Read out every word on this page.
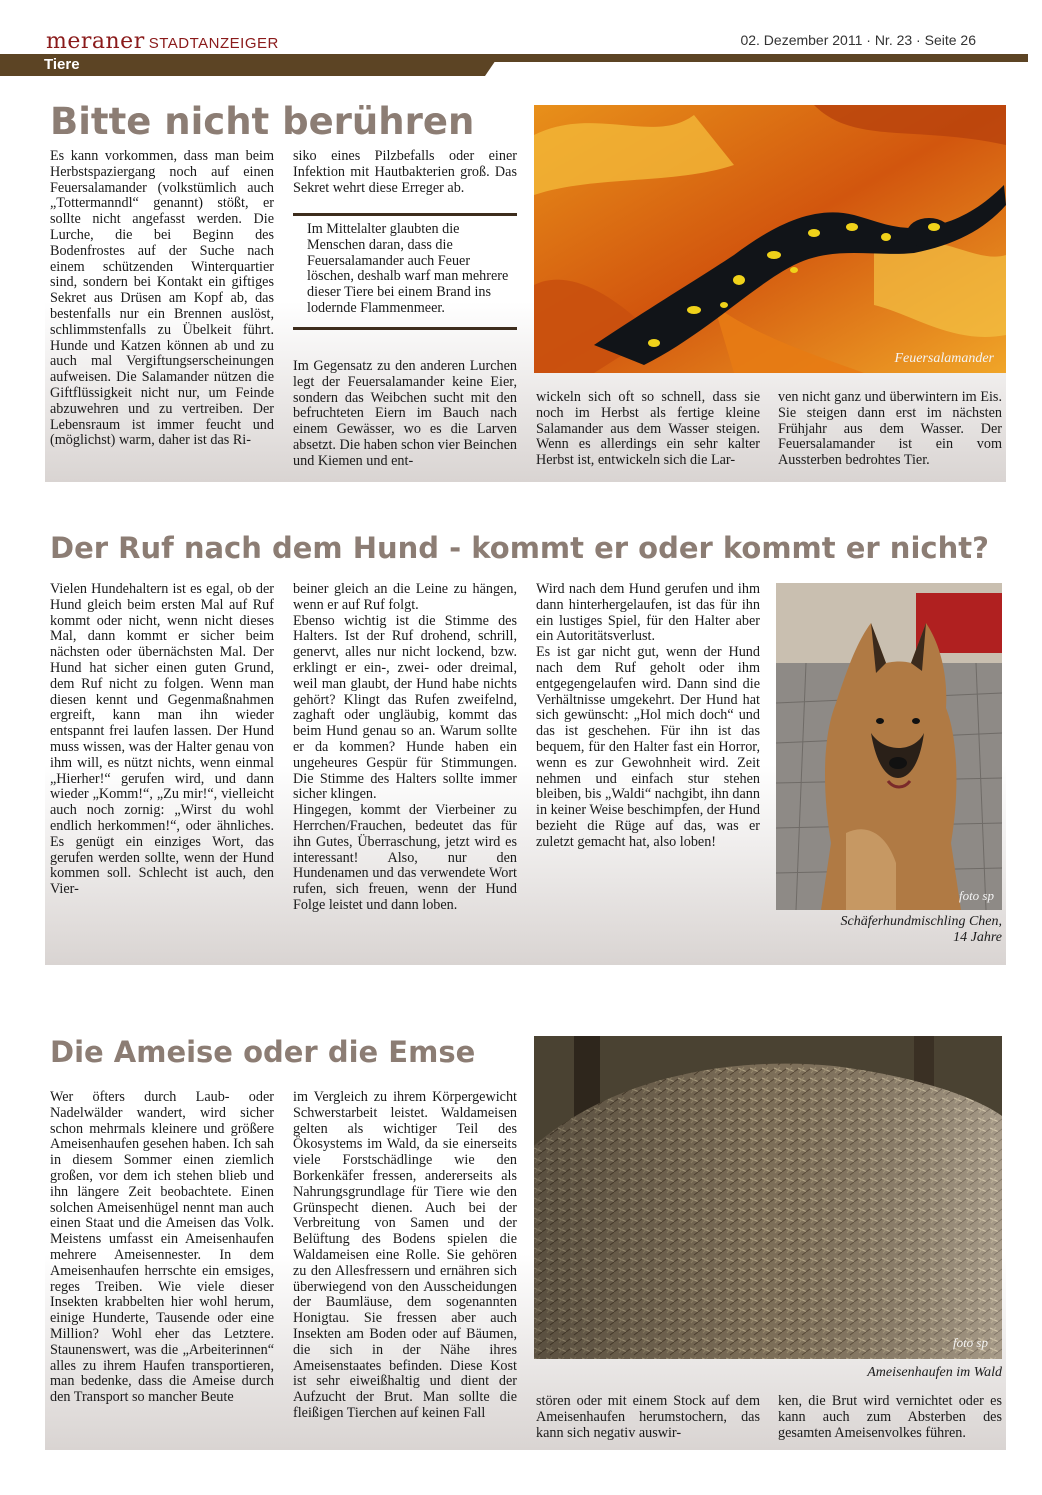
meraner STADTANZEIGER	02. Dezember 2011 · Nr. 23 · Seite 26
Tiere
Bitte nicht berühren
Es kann vorkommen, dass man beim Herbstspaziergang noch auf einen Feuersalamander (volkstümlich auch „Tottermanndl“ genannt) stößt, er sollte nicht angefasst werden. Die Lurche, die bei Beginn des Bodenfrostes auf der Suche nach einem schützenden Winterquartier sind, sondern bei Kontakt ein giftiges Sekret aus Drüsen am Kopf ab, das bestenfalls nur ein Brennen auslöst, schlimmstenfalls zu Übelkeit führt. Hunde und Katzen können ab und zu auch mal Vergiftungserscheinungen aufweisen. Die Salamander nützen die Giftflüssigkeit nicht nur, um Feinde abzuwehren und zu vertreiben. Der Lebensraum ist immer feucht und (möglichst) warm, daher ist das Ri-
siko eines Pilzbefalls oder einer Infektion mit Hautbakterien groß. Das Sekret wehrt diese Erreger ab.
Im Mittelalter glaubten die Menschen daran, dass die Feuersalamander auch Feuer löschen, deshalb warf man mehrere dieser Tiere bei einem Brand ins lodernde Flammenmeer.
Im Gegensatz zu den anderen Lurchen legt der Feuersalamander keine Eier, sondern das Weibchen sucht mit den befruchteten Eiern im Bauch nach einem Gewässer, wo es die Larven absetzt. Die haben schon vier Beinchen und Kiemen und ent-
Feuersalamander
wickeln sich oft so schnell, dass sie noch im Herbst als fertige kleine Salamander aus dem Wasser steigen. Wenn es allerdings ein sehr kalter Herbst ist, entwickeln sich die Lar-
ven nicht ganz und überwintern im Eis. Sie steigen dann erst im nächsten Frühjahr aus dem Wasser. Der Feuersalamander ist ein vom Aussterben bedrohtes Tier.
Der Ruf nach dem Hund - kommt er oder kommt er nicht?
Vielen Hundehaltern ist es egal, ob der Hund gleich beim ersten Mal auf Ruf kommt oder nicht, wenn nicht dieses Mal, dann kommt er sicher beim nächsten oder übernächsten Mal. Der Hund hat sicher einen guten Grund, dem Ruf nicht zu folgen. Wenn man diesen kennt und Gegenmaßnahmen ergreift, kann man ihn wieder entspannt frei laufen lassen. Der Hund muss wissen, was der Halter genau von ihm will, es nützt nichts, wenn einmal „Hierher!“ gerufen wird, und dann wieder „Komm!“, „Zu mir!“, vielleicht auch noch zornig: „Wirst du wohl endlich herkommen!“, oder ähnliches. Es genügt ein einziges Wort, das gerufen werden sollte, wenn der Hund kommen soll. Schlecht ist auch, den Vier-

beiner gleich an die Leine zu hängen, wenn er auf Ruf folgt.

Ebenso wichtig ist die Stimme des Halters. Ist der Ruf drohend, schrill, genervt, alles nur nicht lockend, bzw. erklingt er ein-, zwei- oder dreimal, weil man glaubt, der Hund habe nichts gehört? Klingt das Rufen zweifelnd, zaghaft oder ungläubig, kommt das beim Hund genau so an. Warum sollte er da kommen? Hunde haben ein ungeheures Gespür für Stimmungen. Die Stimme des Halters sollte immer sicher klingen.

Hingegen, kommt der Vierbeiner zu Herrchen/Frauchen, bedeutet das für ihn Gutes, Überraschung, jetzt wird es interessant! Also, nur den Hundenamen und das verwendete Wort rufen, sich freuen, wenn der Hund Folge leistet und dann loben.

Wird nach dem Hund gerufen und ihm dann hinterhergelaufen, ist das für ihn ein lustiges Spiel, für den Halter aber ein Autoritätsverlust.

Es ist gar nicht gut, wenn der Hund nach dem Ruf geholt oder ihm entgegengelaufen wird. Dann sind die Verhältnisse umgekehrt. Der Hund hat sich gewünscht: „Hol mich doch“ und das ist geschehen. Für ihn ist das bequem, für den Halter fast ein Horror, wenn es zur Gewohnheit wird. Zeit nehmen und einfach stur stehen bleiben, bis „Waldi“ nachgibt, ihn dann in keiner Weise beschimpfen, der Hund bezieht die Rüge auf das, was er zuletzt gemacht hat, also loben!

foto sp
Schäferhundmischling Chen,
14 Jahre
Die Ameise oder die Emse
Wer öfters durch Laub- oder Nadelwälder wandert, wird sicher schon mehrmals kleinere und größere Ameisenhaufen gesehen haben. Ich sah in diesem Sommer einen ziemlich großen, vor dem ich stehen blieb und ihn längere Zeit beobachtete. Einen solchen Ameisenhügel nennt man auch einen Staat und die Ameisen das Volk. Meistens umfasst ein Ameisenhaufen mehrere Ameisennester. In dem Ameisenhaufen herrschte ein emsiges, reges Treiben. Wie viele dieser Insekten krabbelten hier wohl herum, einige Hunderte, Tausende oder eine Million? Wohl eher das Letztere. Staunenswert, was die „Arbeiterinnen“ alles zu ihrem Haufen transportieren, man bedenke, dass die Ameise durch den Transport so mancher Beute
im Vergleich zu ihrem Körpergewicht Schwerstarbeit leistet. Waldameisen gelten als wichtiger Teil des Ökosystems im Wald, da sie einerseits viele Forstschädlinge wie den Borkenkäfer fressen, andererseits als Nahrungsgrundlage für Tiere wie den Grünspecht dienen. Auch bei der Verbreitung von Samen und der Belüftung des Bodens spielen die Waldameisen eine Rolle. Sie gehören zu den Allesfressern und ernähren sich überwiegend von den Ausscheidungen der Baumläuse, dem sogenannten Honigtau. Sie fressen aber auch Insekten am Boden oder auf Bäumen, die sich in der Nähe ihres Ameisenstaates befinden. Diese Kost ist sehr eiweißhaltig und dient der Aufzucht der Brut. Man sollte die fleißigen Tierchen auf keinen Fall
foto sp
Ameisenhaufen im Wald
stören oder mit einem Stock auf dem Ameisenhaufen herumstochern, das kann sich negativ auswir-
ken, die Brut wird vernichtet oder es kann auch zum Absterben des gesamten Ameisenvolkes führen.
